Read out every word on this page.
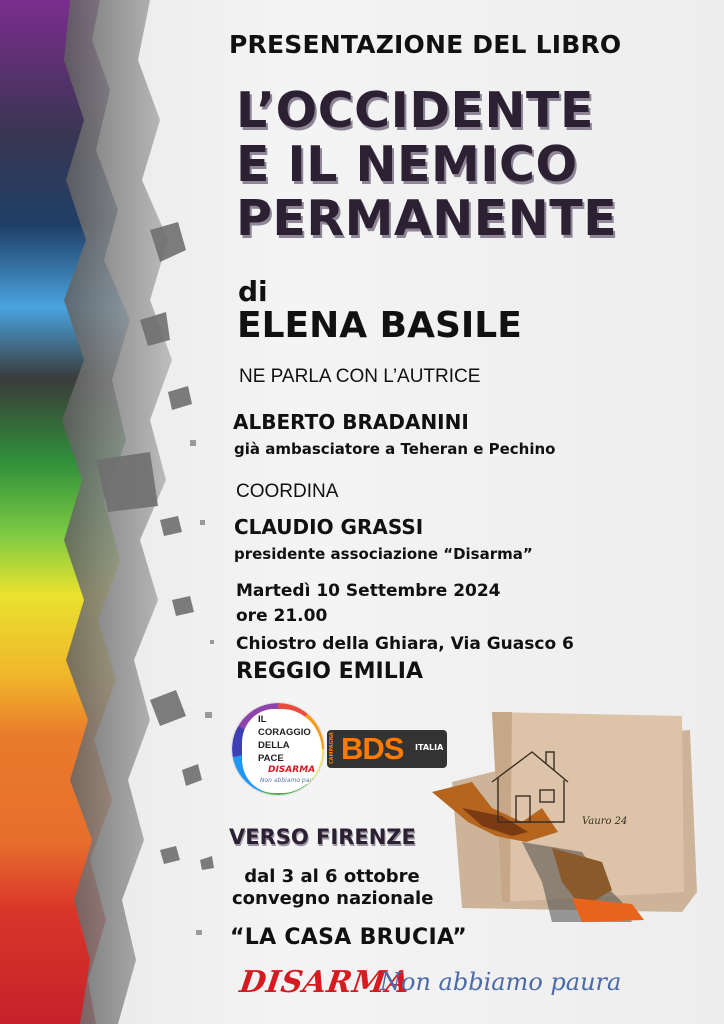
PRESENTAZIONE DEL LIBRO
L’OCCIDENTE
E IL NEMICO
PERMANENTE
di
ELENA BASILE
NE PARLA CON L’AUTRICE
ALBERTO BRADANINI
già ambasciatore a Teheran e Pechino
COORDINA
CLAUDIO GRASSI
presidente associazione “Disarma”
Martedì 10 Settembre 2024
ore 21.00
Chiostro della Ghiara, Via Guasco 6
REGGIO EMILIA
IL
CORAGGIO
DELLA
PACE
DISARMA
Non abbiamo paura
CAMPAGNA BDS	ITALIA
Vauro 24
VERSO FIRENZE
dal 3 al 6 ottobre
convegno nazionale
“LA CASA BRUCIA”
DISARMA
Non abbiamo paura
